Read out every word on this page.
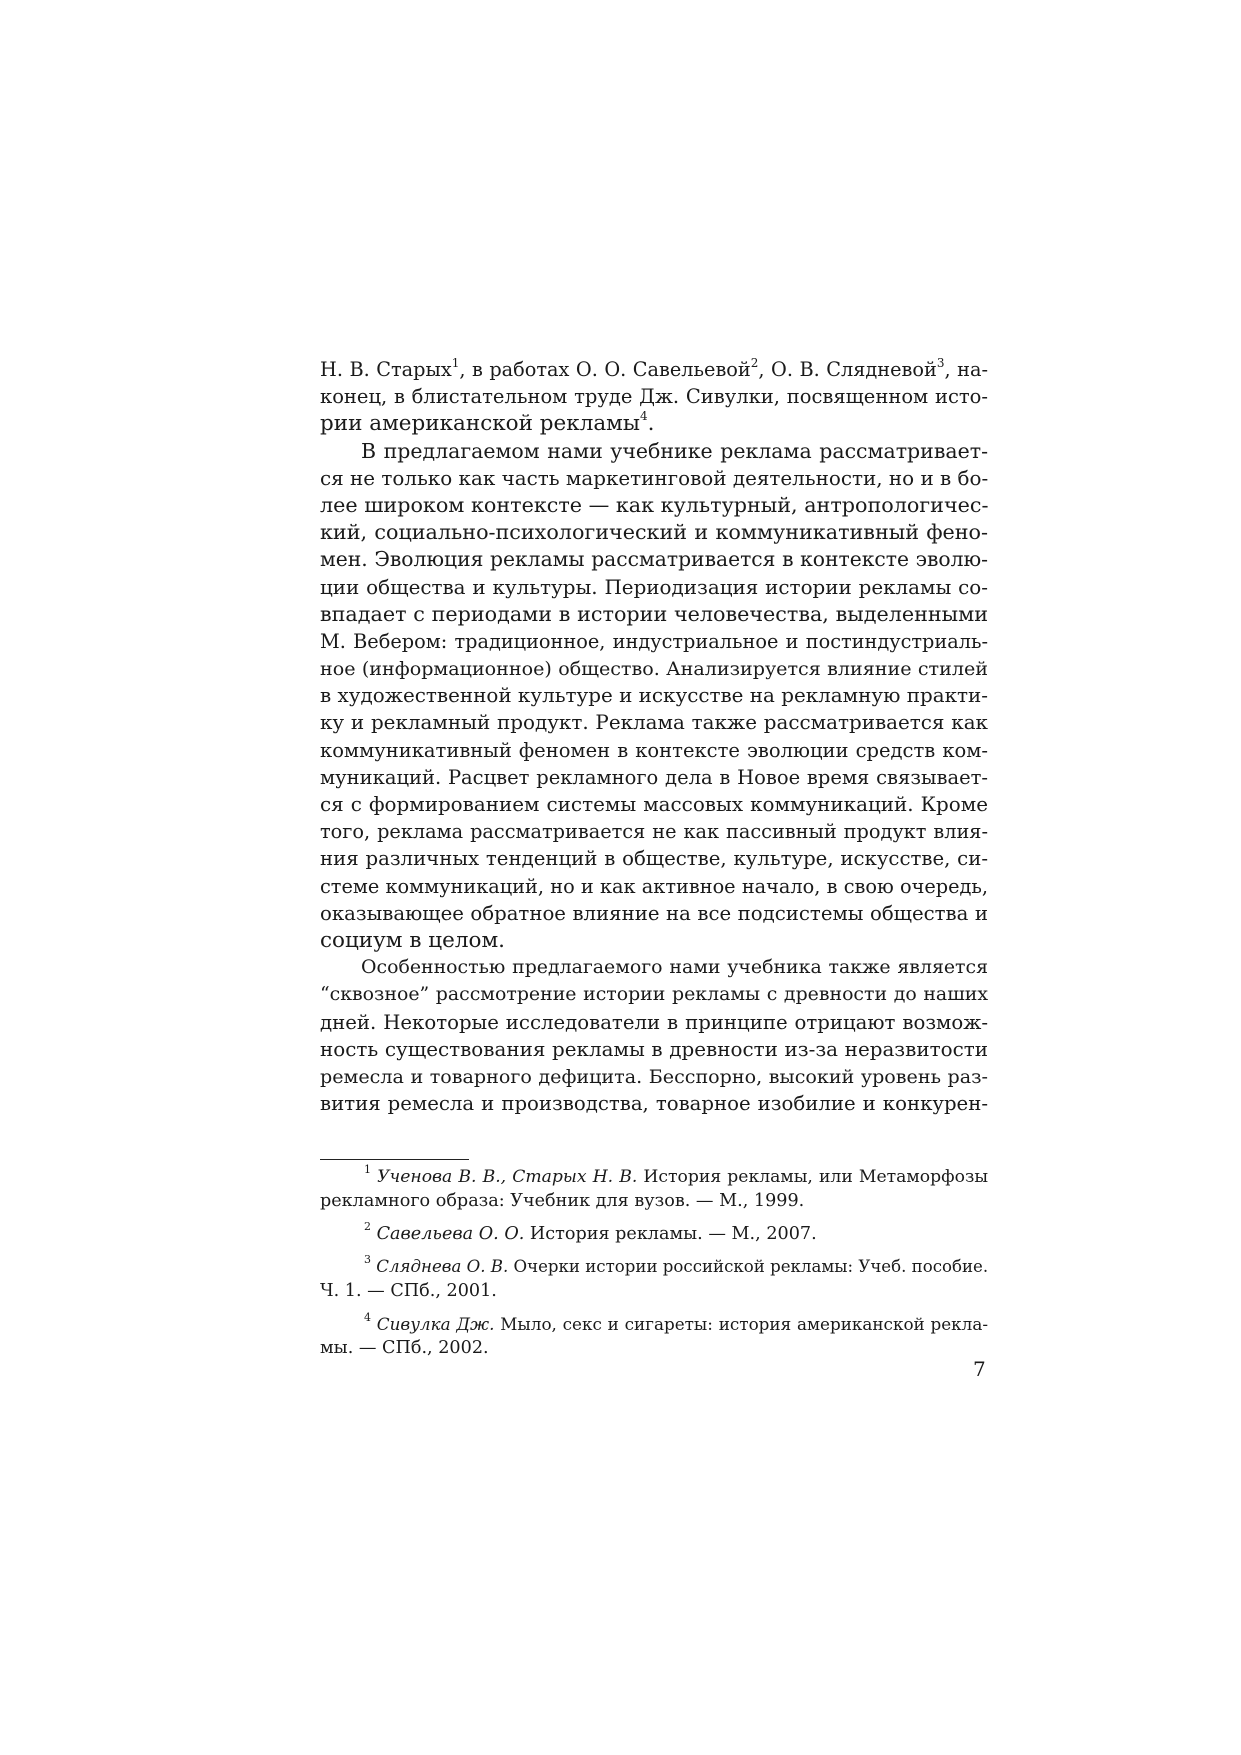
Н. В. Старых$^1$, в работах О. О. Савельевой$^2$, О. В. Слядневой$^3$, на-
конец, в блистательном труде Дж. Сивулки, посвященном исто-
рии американской рекламы$^4$.
В предлагаемом нами учебнике реклама рассматривает-
ся не только как часть маркетинговой деятельности, но и в бо-
лее широком контексте — как культурный, антропологичес-
кий, социально-психологический и коммуникативный фено-
мен. Эволюция рекламы рассматривается в контексте эволю-
ции общества и культуры. Периодизация истории рекламы со-
впадает с периодами в истории человечества, выделенными
М. Вебером: традиционное, индустриальное и постиндустриаль-
ное (информационное) общество. Анализируется влияние стилей
в художественной культуре и искусстве на рекламную практи-
ку и рекламный продукт. Реклама также рассматривается как
коммуникативный феномен в контексте эволюции средств ком-
муникаций. Расцвет рекламного дела в Новое время связывает-
ся с формированием системы массовых коммуникаций. Кроме
того, реклама рассматривается не как пассивный продукт влия-
ния различных тенденций в обществе, культуре, искусстве, си-
стеме коммуникаций, но и как активное начало, в свою очередь,
оказывающее обратное влияние на все подсистемы общества и
социум в целом.
Особенностью предлагаемого нами учебника также является
“сквозное” рассмотрение истории рекламы с древности до наших
дней. Некоторые исследователи в принципе отрицают возмож-
ность существования рекламы в древности из-за неразвитости
ремесла и товарного дефицита. Бесспорно, высокий уровень раз-
вития ремесла и производства, товарное изобилие и конкурен-
$^1$ Ученова В. В., Старых Н. В. История рекламы, или Метаморфозы
рекламного образа: Учебник для вузов. — М., 1999.
$^2$ Савельева О. О. История рекламы. — М., 2007.
$^3$ Сляднева О. В. Очерки истории российской рекламы: Учеб. пособие.
Ч. 1. — СПб., 2001.
$^4$ Сивулка Дж. Мыло, секс и сигареты: история американской рекла-
мы. — СПб., 2002.
7
